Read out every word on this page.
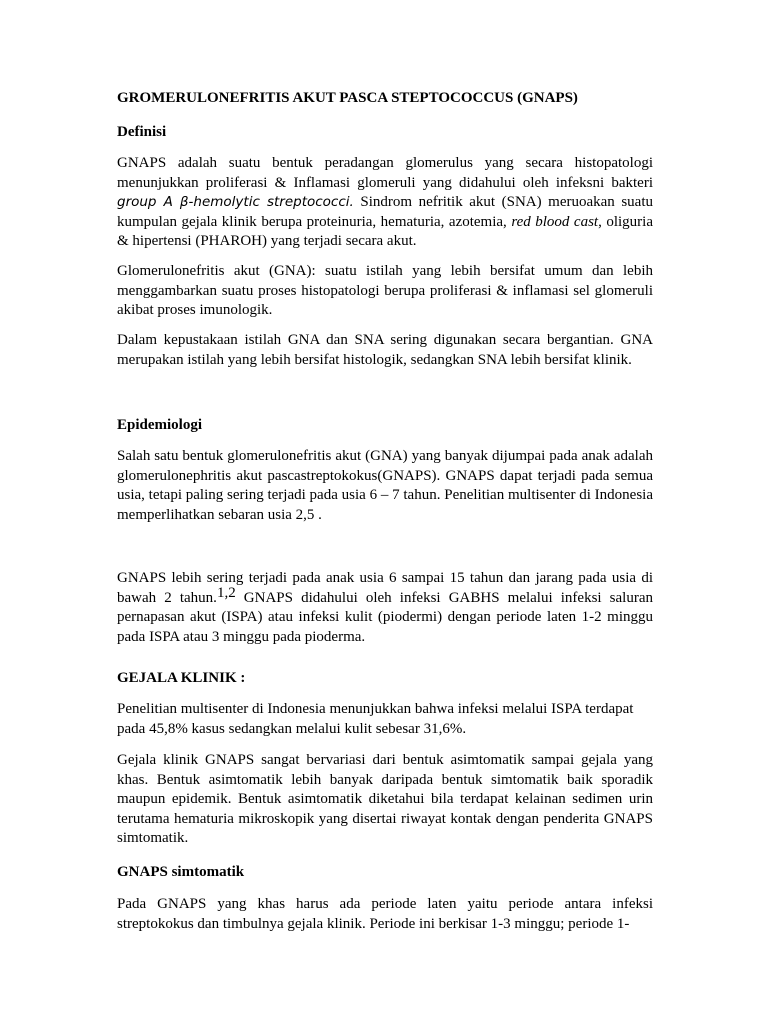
GROMERULONEFRITIS AKUT PASCA STEPTOCOCCUS (GNAPS)
Definisi

GNAPS adalah suatu bentuk peradangan glomerulus yang secara histopatologi menunjukkan proliferasi & Inflamasi glomeruli yang didahului oleh infeksni bakteri group A β-hemolytic streptococci. Sindrom nefritik akut (SNA) meruoakan suatu kumpulan gejala klinik berupa proteinuria, hematuria, azotemia, red blood cast, oliguria & hipertensi (PHAROH) yang terjadi secara akut.

Glomerulonefritis akut (GNA): suatu istilah yang lebih bersifat umum dan lebih menggambarkan suatu proses histopatologi berupa proliferasi & inflamasi sel glomeruli akibat proses imunologik.

Dalam kepustakaan istilah GNA dan SNA sering digunakan secara bergantian. GNA merupakan istilah yang lebih bersifat histologik, sedangkan SNA lebih bersifat klinik.

Epidemiologi

Salah satu bentuk glomerulonefritis akut (GNA) yang banyak dijumpai pada anak adalah glomerulonephritis akut pascastreptokokus(GNAPS). GNAPS dapat terjadi pada semua usia, tetapi paling sering terjadi pada usia 6 – 7 tahun. Penelitian multisenter di Indonesia memperlihatkan sebaran usia 2,5 .

GNAPS lebih sering terjadi pada anak usia 6 sampai 15 tahun dan jarang pada usia di bawah 2 tahun.1,2 GNAPS didahului oleh infeksi GABHS melalui infeksi saluran pernapasan akut (ISPA) atau infeksi kulit (piodermi) dengan periode laten 1-2 minggu pada ISPA atau 3 minggu pada pioderma.

GEJALA KLINIK :

Penelitian multisenter di Indonesia menunjukkan bahwa infeksi melalui ISPA terdapat pada 45,8% kasus sedangkan melalui kulit sebesar 31,6%.

Gejala klinik GNAPS sangat bervariasi dari bentuk asimtomatik sampai gejala yang khas. Bentuk asimtomatik lebih banyak daripada bentuk simtomatik baik sporadik maupun epidemik. Bentuk asimtomatik diketahui bila terdapat kelainan sedimen urin terutama hematuria mikroskopik yang disertai riwayat kontak dengan penderita GNAPS simtomatik.

GNAPS simtomatik

Pada GNAPS yang khas harus ada periode laten yaitu periode antara infeksi streptokokus dan timbulnya gejala klinik. Periode ini berkisar 1-3 minggu; periode 1-
